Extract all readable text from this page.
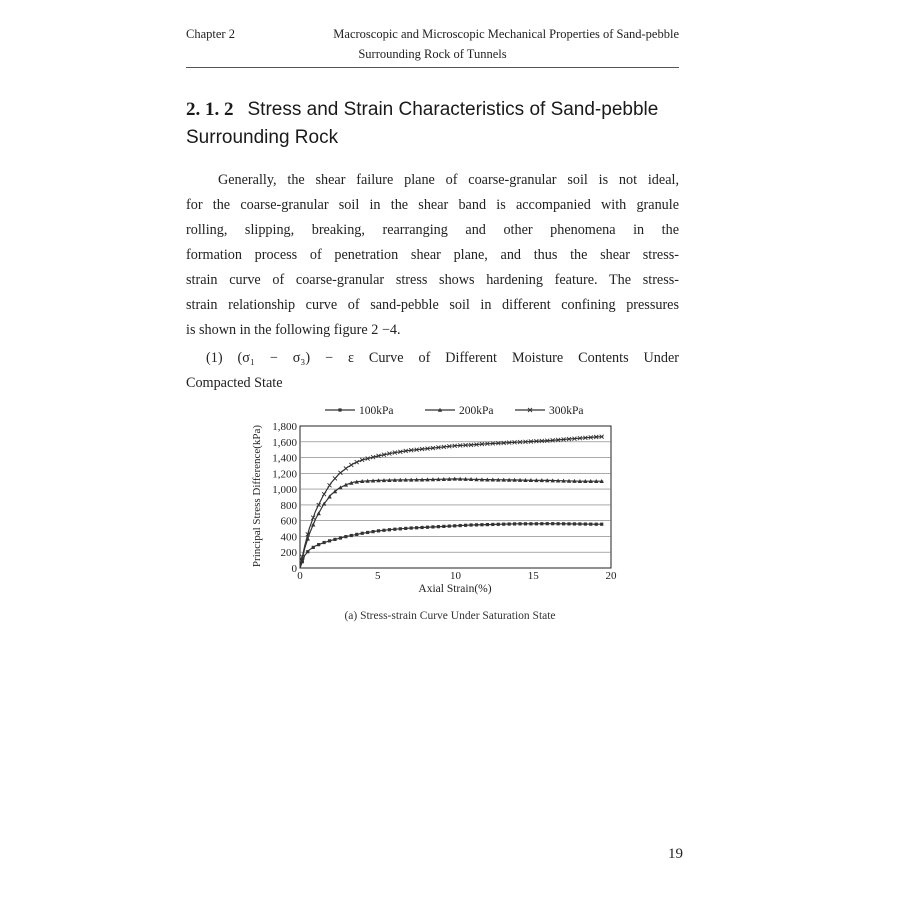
Chapter 2	Macroscopic and Microscopic Mechanical Properties of Sand-pebble
Surrounding Rock of Tunnels
2. 1. 2 Stress and Strain Characteristics of Sand-pebble
Surrounding Rock
Generally, the shear failure plane of coarse-granular soil is not ideal,
for the coarse-granular soil in the shear band is accompanied with granule
rolling, slipping, breaking, rearranging and other phenomena in the
formation process of penetration shear plane, and thus the shear stress-
strain curve of coarse-granular stress shows hardening feature. The stress-
strain relationship curve of sand-pebble soil in different confining pressures
is shown in the following figure 2 −4.
(1) (σ₁ − σ₃) − ε Curve of Different Moisture Contents Under
Compacted State
100kPa	200kPa	300kPa
0
200
400
600
800
1,000
1,200
1,400
1,600
1,800
0	5	10	15	20
Axial Strain(%)
Principal Stress Difference(kPa)
(a) Stress-strain Curve Under Saturation State
19
